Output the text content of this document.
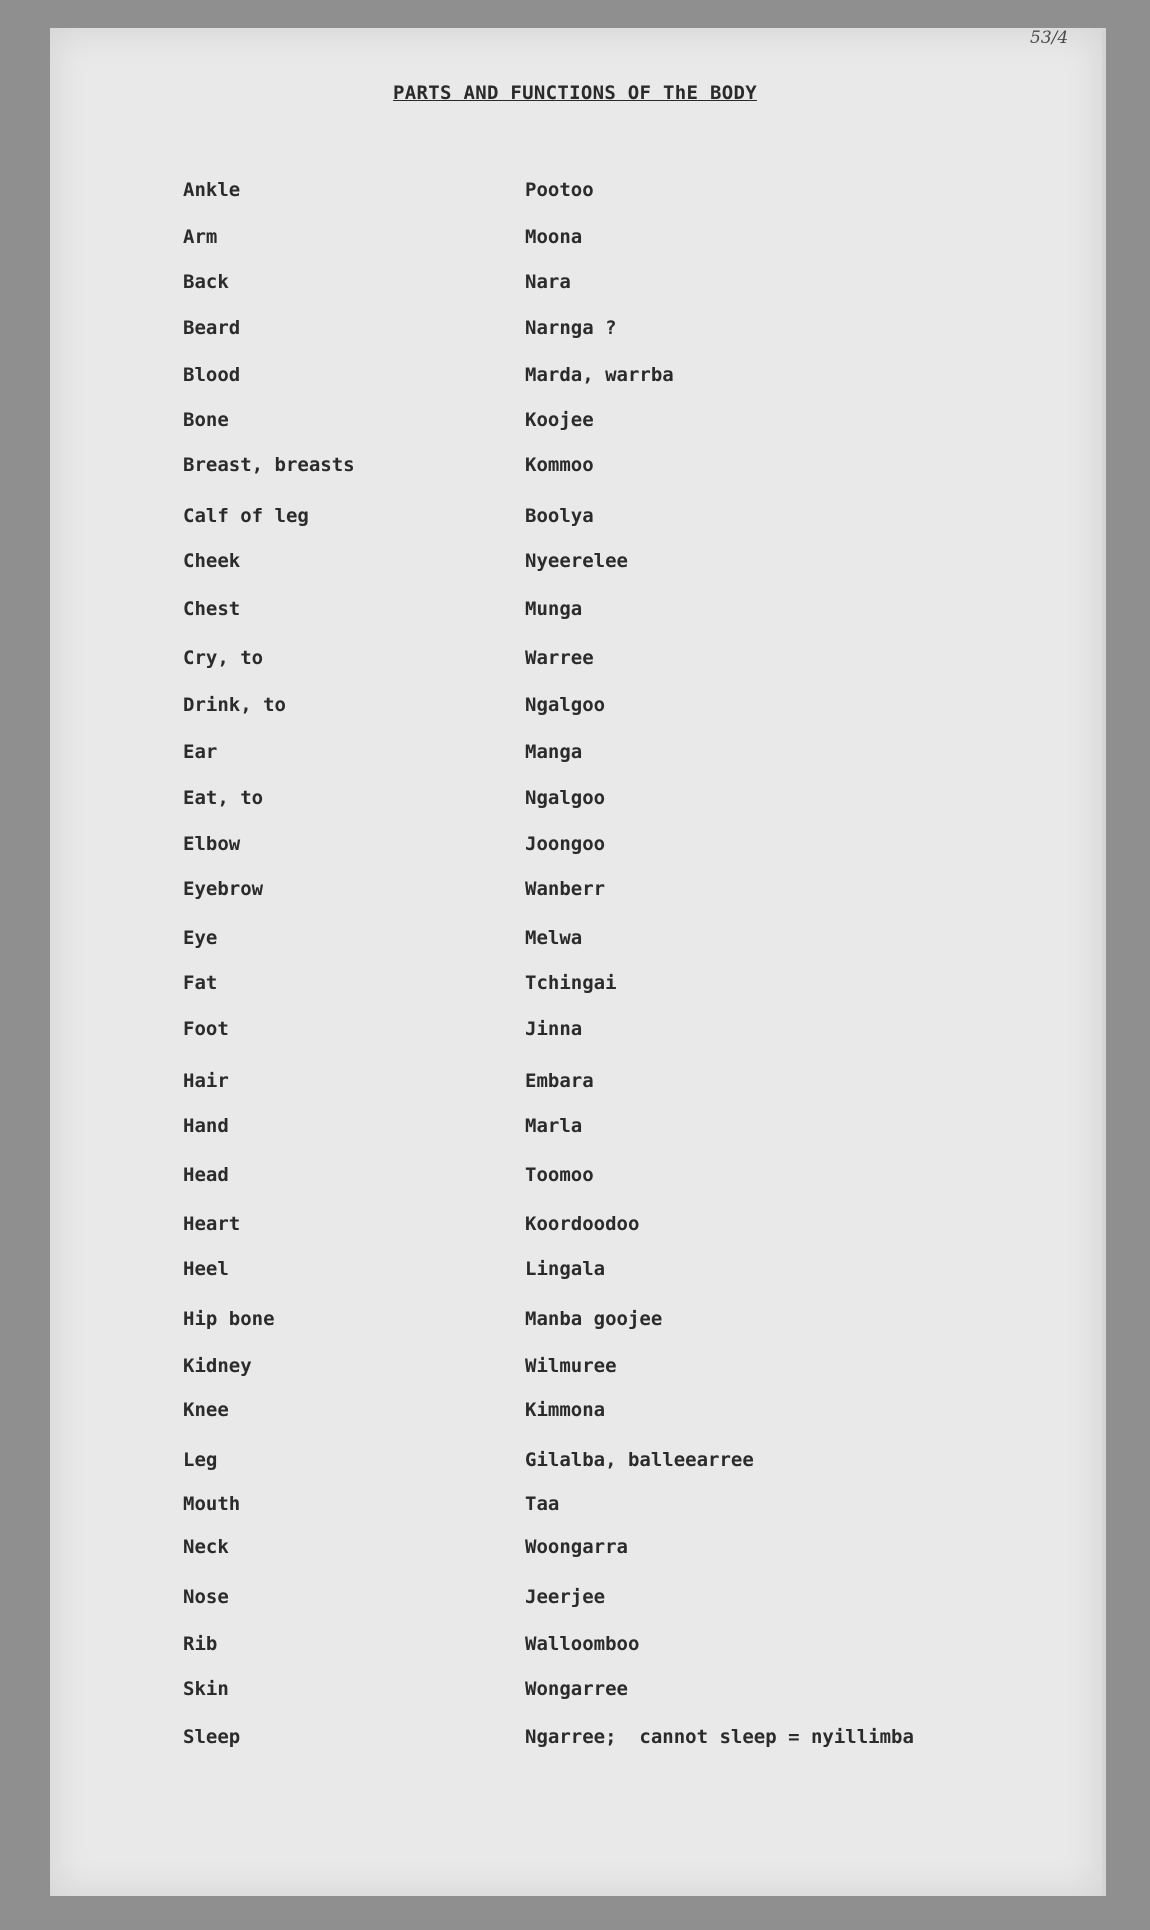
53/4
PARTS AND FUNCTIONS OF ThE BODY
Ankle	Pootoo
Arm	Moona
Back	Nara
Beard	Narnga ?
Blood	Marda, warrba
Bone	Koojee
Breast, breasts	Kommoo
Calf of leg	Boolya
Cheek	Nyeerelee
Chest	Munga
Cry, to	Warree
Drink, to	Ngalgoo
Ear	Manga
Eat, to	Ngalgoo
Elbow	Joongoo
Eyebrow	Wanberr
Eye	Melwa
Fat	Tchingai
Foot	Jinna
Hair	Embara
Hand	Marla
Head	Toomoo
Heart	Koordoodoo
Heel	Lingala
Hip bone	Manba goojee
Kidney	Wilmuree
Knee	Kimmona
Leg	Gilalba, balleearree
Mouth	Taa
Neck	Woongarra
Nose	Jeerjee
Rib	Walloomboo
Skin	Wongarree
Sleep	Ngarree;  cannot sleep = nyillimba
